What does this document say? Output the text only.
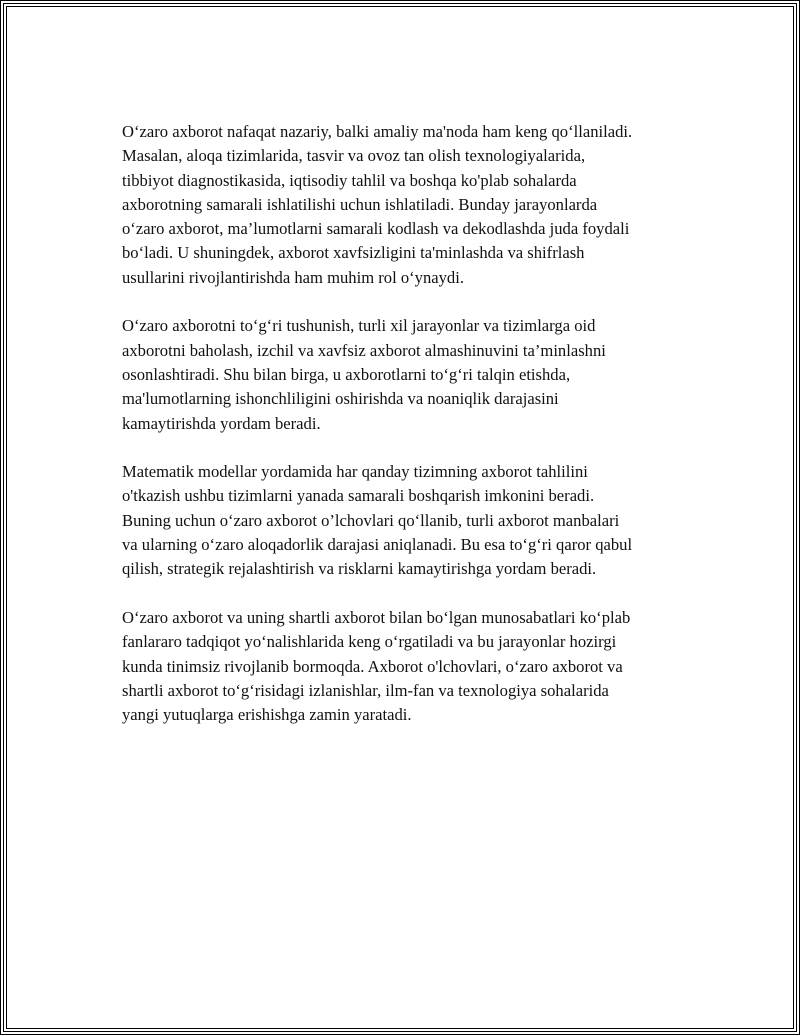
O‘zaro axborot nafaqat nazariy, balki amaliy ma'noda ham keng qo‘llaniladi.
Masalan, aloqa tizimlarida, tasvir va ovoz tan olish texnologiyalarida,
tibbiyot diagnostikasida, iqtisodiy tahlil va boshqa ko'plab sohalarda
axborotning samarali ishlatilishi uchun ishlatiladi. Bunday jarayonlarda
o‘zaro axborot, ma’lumotlarni samarali kodlash va dekodlashda juda foydali
bo‘ladi. U shuningdek, axborot xavfsizligini ta'minlashda va shifrlash
usullarini rivojlantirishda ham muhim rol o‘ynaydi.

O‘zaro axborotni to‘g‘ri tushunish, turli xil jarayonlar va tizimlarga oid
axborotni baholash, izchil va xavfsiz axborot almashinuvini ta’minlashni
osonlashtiradi. Shu bilan birga, u axborotlarni to‘g‘ri talqin etishda,
ma'lumotlarning ishonchliligini oshirishda va noaniqlik darajasini
kamaytirishda yordam beradi.

Matematik modellar yordamida har qanday tizimning axborot tahlilini
o'tkazish ushbu tizimlarni yanada samarali boshqarish imkonini beradi.
Buning uchun o‘zaro axborot o’lchovlari qo‘llanib, turli axborot manbalari
va ularning o‘zaro aloqadorlik darajasi aniqlanadi. Bu esa to‘g‘ri qaror qabul
qilish, strategik rejalashtirish va risklarni kamaytirishga yordam beradi.

O‘zaro axborot va uning shartli axborot bilan bo‘lgan munosabatlari ko‘plab
fanlararo tadqiqot yo‘nalishlarida keng o‘rgatiladi va bu jarayonlar hozirgi
kunda tinimsiz rivojlanib bormoqda. Axborot o'lchovlari, o‘zaro axborot va
shartli axborot to‘g‘risidagi izlanishlar, ilm-fan va texnologiya sohalarida
yangi yutuqlarga erishishga zamin yaratadi.
